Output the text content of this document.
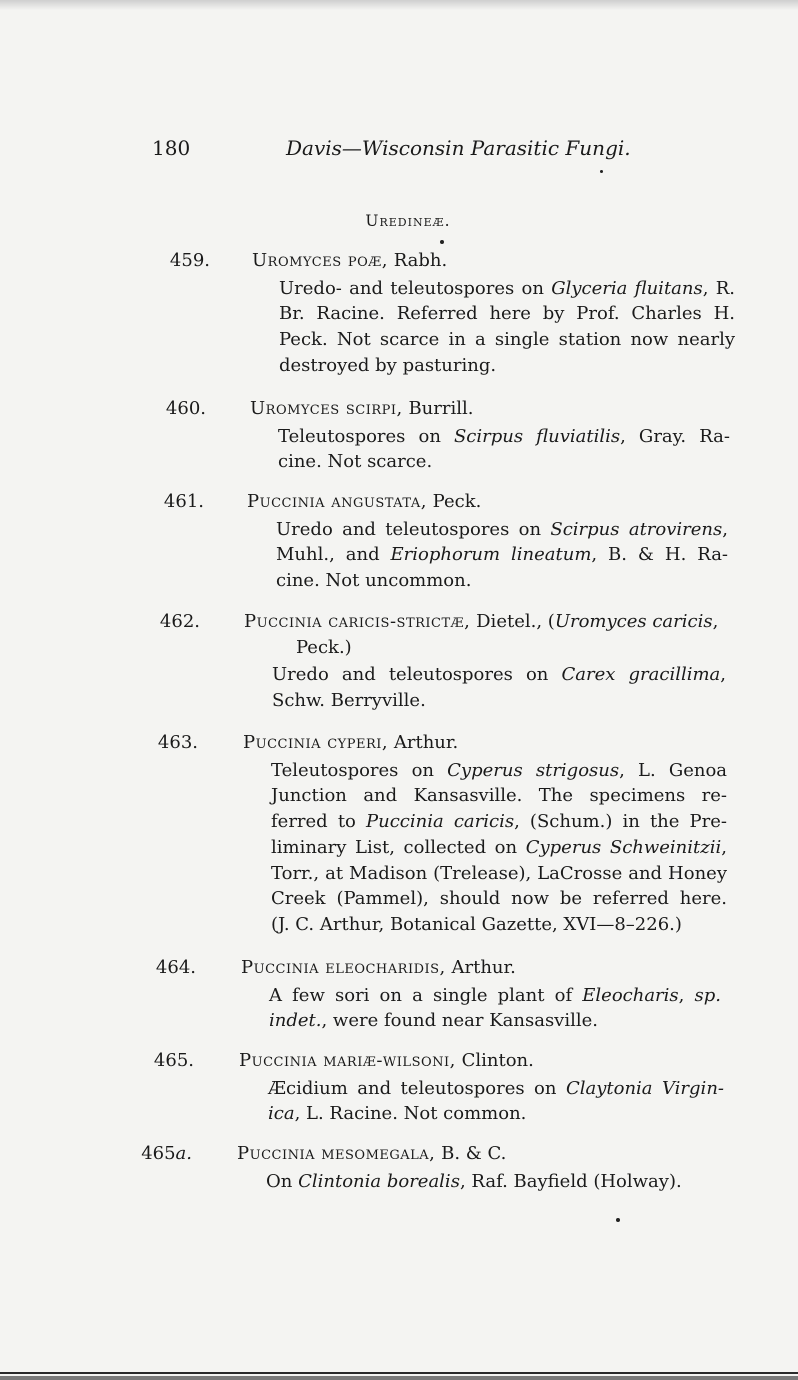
180	Davis—Wisconsin Parasitic Fungi.
Uredineæ.
459. Uromyces poæ, Rabh.
Uredo- and teleutospores on Glyceria fluitans, R.
Br. Racine. Referred here by Prof. Charles H.
Peck. Not scarce in a single station now nearly
destroyed by pasturing.
460. Uromyces scirpi, Burrill.
Teleutospores on Scirpus fluviatilis, Gray. Ra-
cine. Not scarce.
461. Puccinia angustata, Peck.
Uredo and teleutospores on Scirpus atrovirens,
Muhl., and Eriophorum lineatum, B. & H. Ra-
cine. Not uncommon.
462. Puccinia caricis-strictæ, Dietel., (Uromyces caricis,
Peck.)
Uredo and teleutospores on Carex gracillima,
Schw. Berryville.
463.	Puccinia cyperi, Arthur.
Teleutospores on Cyperus strigosus, L. Genoa
Junction and Kansasville. The specimens re-
ferred to Puccinia caricis, (Schum.) in the Pre-
liminary List, collected on Cyperus Schweinitzii,
Torr., at Madison (Trelease), LaCrosse and Honey
Creek (Pammel), should now be referred here.
(J. C. Arthur, Botanical Gazette, XVI—8–226.)
464.	Puccinia eleocharidis, Arthur.
A few sori on a single plant of Eleocharis, sp.
indet., were found near Kansasville.
465.	Puccinia mariæ-wilsoni, Clinton.
Æcidium and teleutospores on Claytonia Virgin-
ica, L. Racine. Not common.
465a.	Puccinia mesomegala, B. & C.
On Clintonia borealis, Raf. Bayfield (Holway).
